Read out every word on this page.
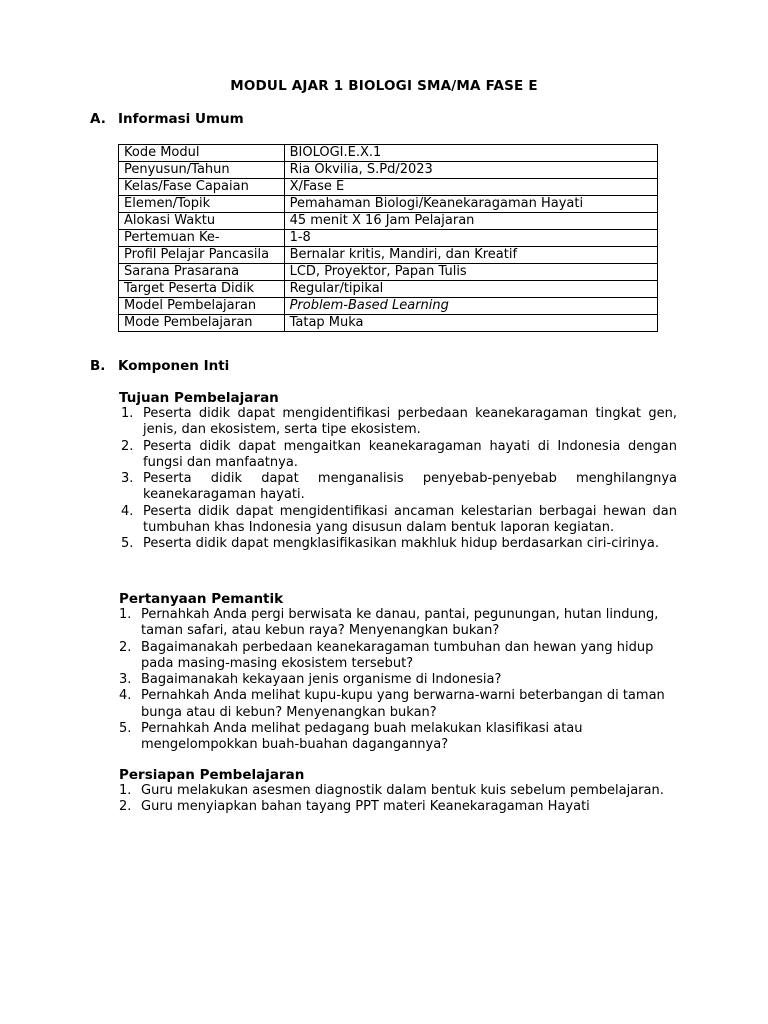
MODUL AJAR 1 BIOLOGI SMA/MA FASE E
A. Informasi Umum
Kode Modul	BIOLOGI.E.X.1
Penyusun/Tahun	Ria Okvilia, S.Pd/2023
Kelas/Fase Capaian	X/Fase E
Elemen/Topik	Pemahaman Biologi/Keanekaragaman Hayati
Alokasi Waktu	45 menit X 16 Jam Pelajaran
Pertemuan Ke-	1-8
Profil Pelajar Pancasila	Bernalar kritis, Mandiri, dan Kreatif
Sarana Prasarana	LCD, Proyektor, Papan Tulis
Target Peserta Didik	Regular/tipikal
Model Pembelajaran	Problem-Based Learning
Mode Pembelajaran	Tatap Muka
B. Komponen Inti
Tujuan Pembelajaran
1. Peserta didik dapat mengidentifikasi perbedaan keanekaragaman tingkat gen, jenis, dan ekosistem, serta tipe ekosistem.
2. Peserta didik dapat mengaitkan keanekaragaman hayati di Indonesia dengan fungsi dan manfaatnya.
3. Peserta didik dapat menganalisis penyebab-penyebab menghilangnya keanekaragaman hayati.
4. Peserta didik dapat mengidentifikasi ancaman kelestarian berbagai hewan dan tumbuhan khas Indonesia yang disusun dalam bentuk laporan kegiatan.
5. Peserta didik dapat mengklasifikasikan makhluk hidup berdasarkan ciri-cirinya.
Pertanyaan Pemantik
1. Pernahkah Anda pergi berwisata ke danau, pantai, pegunungan, hutan lindung, taman safari, atau kebun raya? Menyenangkan bukan?
2. Bagaimanakah perbedaan keanekaragaman tumbuhan dan hewan yang hidup pada masing-masing ekosistem tersebut?
3. Bagaimanakah kekayaan jenis organisme di Indonesia?
4. Pernahkah Anda melihat kupu-kupu yang berwarna-warni beterbangan di taman bunga atau di kebun? Menyenangkan bukan?
5. Pernahkah Anda melihat pedagang buah melakukan klasifikasi atau mengelompokkan buah-buahan dagangannya?
Persiapan Pembelajaran
1. Guru melakukan asesmen diagnostik dalam bentuk kuis sebelum pembelajaran.
2. Guru menyiapkan bahan tayang PPT materi Keanekaragaman Hayati
